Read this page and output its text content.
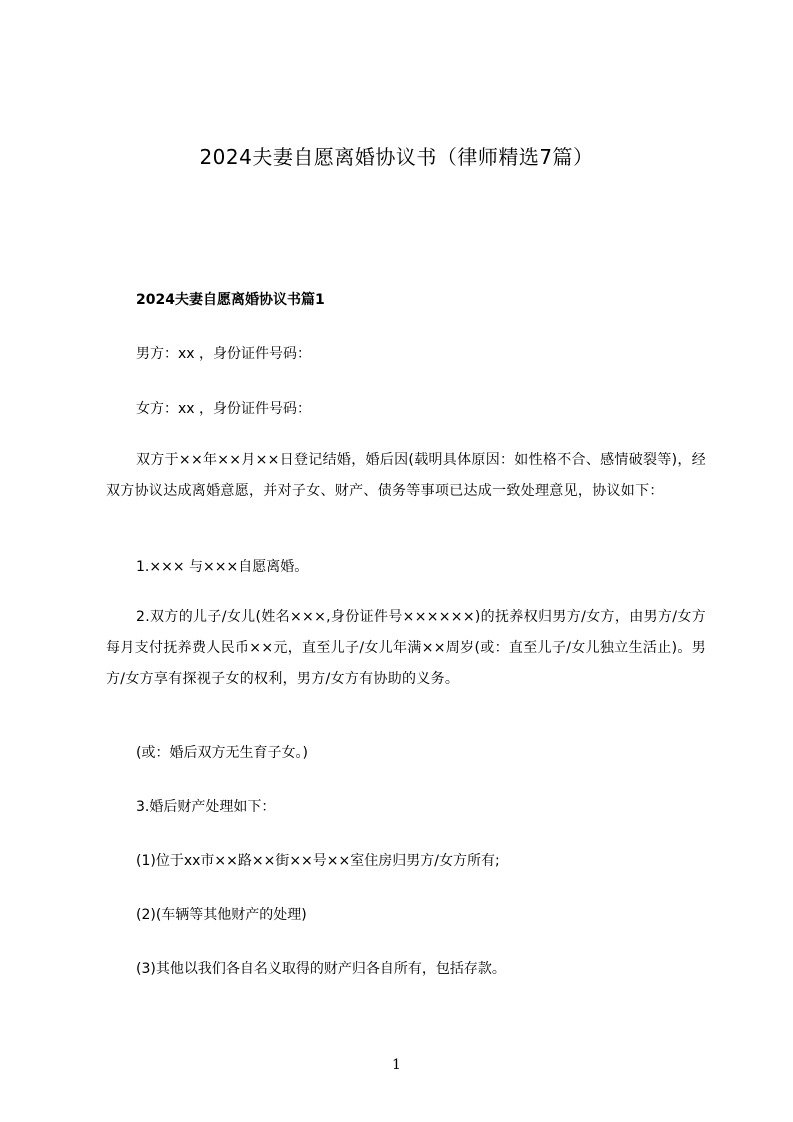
2024夫妻自愿离婚协议书（律师精选7篇）
2024夫妻自愿离婚协议书篇1

男方：xx ，身份证件号码：

女方：xx ，身份证件号码：

双方于××年××月××日登记结婚，婚后因(载明具体原因：如性格不合、感情破裂等)，经双方协议达成离婚意愿，并对子女、财产、债务等事项已达成一致处理意见，协议如下：

1.××× 与×××自愿离婚。

2.双方的儿子/女儿(姓名×××,身份证件号××××××)的抚养权归男方/女方，由男方/女方每月支付抚养费人民币××元，直至儿子/女儿年满××周岁(或：直至儿子/女儿独立生活止)。男方/女方享有探视子女的权利，男方/女方有协助的义务。

(或：婚后双方无生育子女。)

3.婚后财产处理如下：

(1)位于xx市××路××街××号××室住房归男方/女方所有;

(2)(车辆等其他财产的处理)

(3)其他以我们各自名义取得的财产归各自所有，包括存款。

1
